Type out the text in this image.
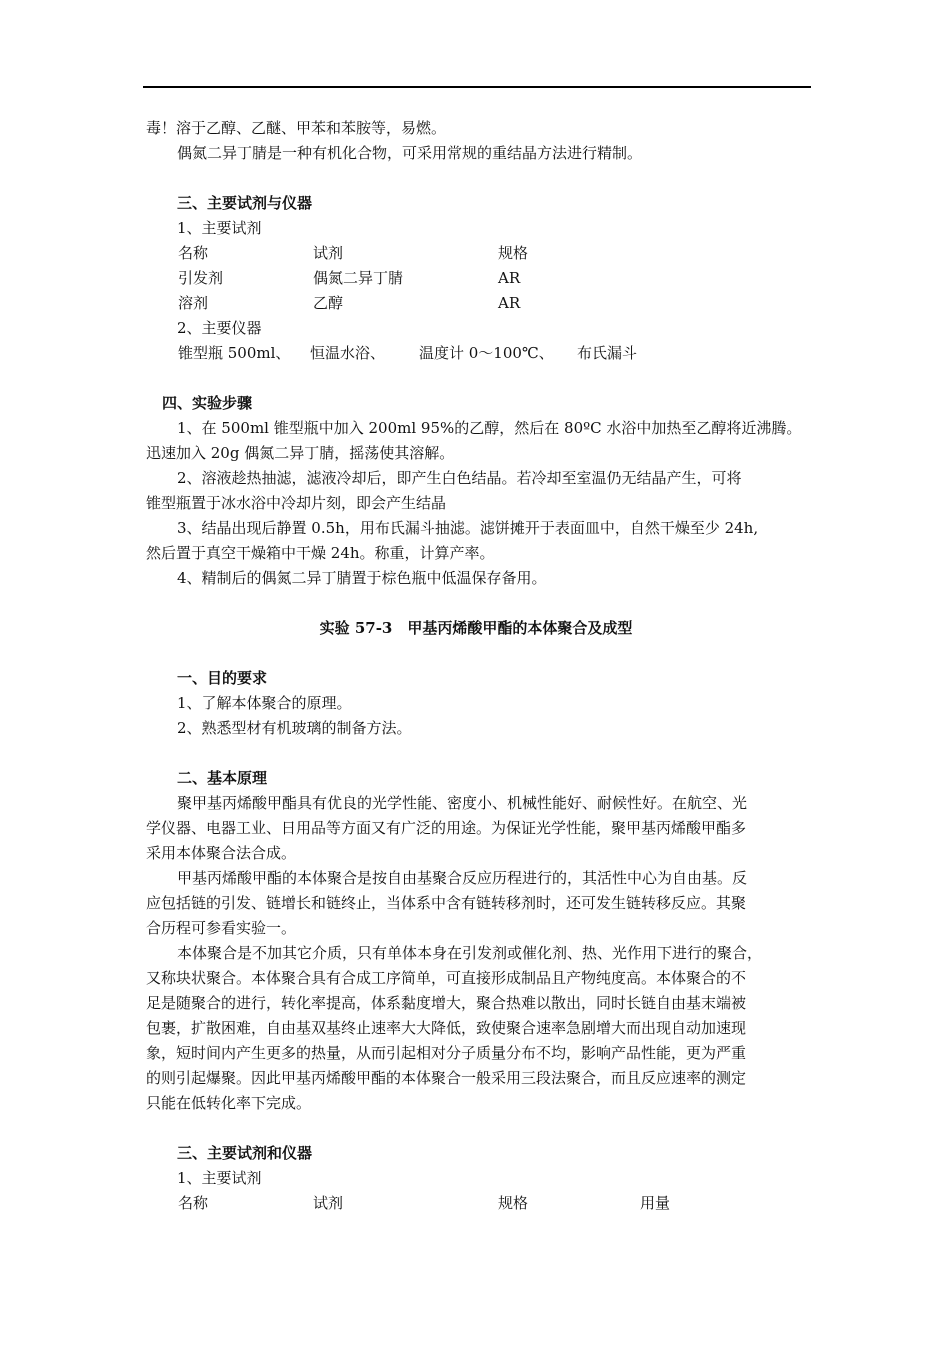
毒！溶于乙醇、乙醚、甲苯和苯胺等，易燃。
偶氮二异丁腈是一种有机化合物，可采用常规的重结晶方法进行精制。
三、主要试剂与仪器
1、主要试剂
名称	试剂	规格
引发剂	偶氮二异丁腈	AR
溶剂	乙醇	AR
2、主要仪器
锥型瓶 500ml、 恒温水浴、 温度计 0～100℃、 布氏漏斗
四、实验步骤
1、在 500ml 锥型瓶中加入 200ml 95%的乙醇，然后在 80ºC 水浴中加热至乙醇将近沸腾。
迅速加入 20g 偶氮二异丁腈，摇荡使其溶解。
2、溶液趁热抽滤，滤液冷却后，即产生白色结晶。若冷却至室温仍无结晶产生，可将
锥型瓶置于冰水浴中冷却片刻，即会产生结晶
3、结晶出现后静置 0.5h，用布氏漏斗抽滤。滤饼摊开于表面皿中，自然干燥至少 24h,
然后置于真空干燥箱中干燥 24h。称重，计算产率。
4、精制后的偶氮二异丁腈置于棕色瓶中低温保存备用。
实验 57-3　甲基丙烯酸甲酯的本体聚合及成型
一、目的要求
1、了解本体聚合的原理。
2、熟悉型材有机玻璃的制备方法。
二、基本原理
聚甲基丙烯酸甲酯具有优良的光学性能、密度小、机械性能好、耐候性好。在航空、光
学仪器、电器工业、日用品等方面又有广泛的用途。为保证光学性能，聚甲基丙烯酸甲酯多
采用本体聚合法合成。
甲基丙烯酸甲酯的本体聚合是按自由基聚合反应历程进行的，其活性中心为自由基。反
应包括链的引发、链增长和链终止，当体系中含有链转移剂时，还可发生链转移反应。其聚
合历程可参看实验一。
本体聚合是不加其它介质，只有单体本身在引发剂或催化剂、热、光作用下进行的聚合，
又称块状聚合。本体聚合具有合成工序简单，可直接形成制品且产物纯度高。本体聚合的不
足是随聚合的进行，转化率提高，体系黏度增大，聚合热难以散出，同时长链自由基末端被
包裹，扩散困难，自由基双基终止速率大大降低，致使聚合速率急剧增大而出现自动加速现
象，短时间内产生更多的热量，从而引起相对分子质量分布不均，影响产品性能，更为严重
的则引起爆聚。因此甲基丙烯酸甲酯的本体聚合一般采用三段法聚合，而且反应速率的测定
只能在低转化率下完成。
三、主要试剂和仪器
1、主要试剂
名称	试剂	规格	用量
